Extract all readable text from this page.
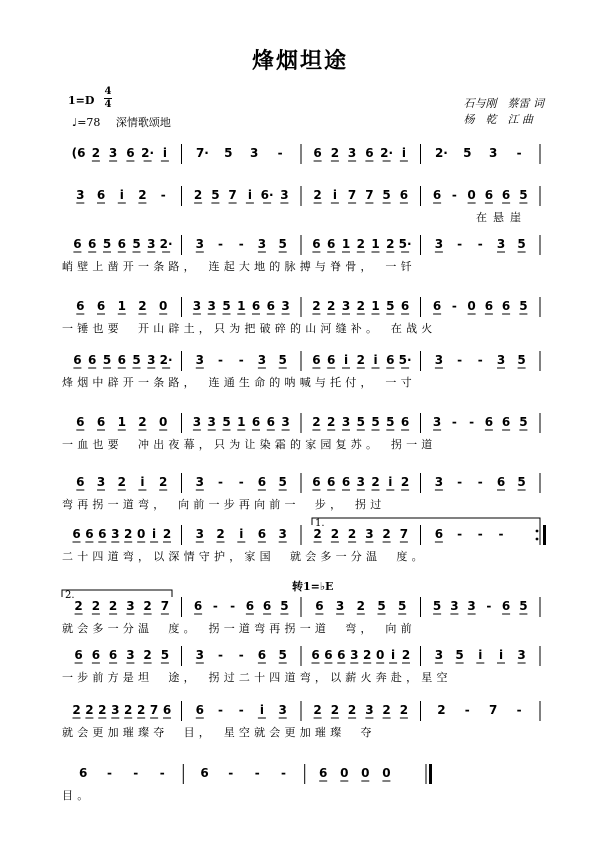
烽烟坦途
1=D
4
4
♩=78 深情歌颂地
石与刚　蔡雷 词
杨　乾　江 曲
(6 2 3 6 2· i 7· 5 3 -	6 2 3 6 2· i 2· 5 3 -
3 6 i 2 - 2 5 7 i 6· 3 2 i 7 7 5 6 6 - 0 6 6 5
在悬崖
6 6 5 6 5 3 2· 3 - - 3 5 6 6 1 2 1 2 5· 3 - - 3 5
峭壁上凿开一条路，　连起大地的脉搏与脊骨，　一钎
6 6 1 2 0 3 3 5 1 6 6 3 2 2 3 2 1 5 6 6 - 0 6 6 5
一锤也要　开山辟土，只为把破碎的山河缝补。　在战火
6 6 5 6 5 3 2· 3 - - 3 5 6 6 i 2 i 6 5· 3 - - 3 5
烽烟中辟开一条路，　连通生命的呐喊与托付，　一寸
6 6 1 2 0 3 3 5 1 6 6 3 2 2 3 5 5 5 6 3 - - 6 6 5
一血也要　冲出夜幕，只为让染霜的家园复苏。　拐一道
6 3 2 i 2 3 - - 6 5 6 6 6 3 2 i 2 3 - - 6 5
弯再拐一道弯，　向前一步再向前一　步，　拐过
6 6 6 3 2 0 i 2 3 2 i 6 3 2 2 2 3 2 7 6 - - -
1.
二十四道弯，以深情守护，家国　就会多一分温　度。
2 2 2 3 2 7 6 - - 6 6 5 6 3 2 5 5 5 3 3 - 6 5
2.
转1=♭E
就会多一分温　度。　拐一道弯再拐一道　弯，　向前
6 6 6 3 2 5 3 - - 6 5 6 6 6 3 2 0 i 2 3 5 i i 3
一步前方是坦　途，　拐过二十四道弯，以薪火奔赴，星空
2 2 2 3 2 2 7 6 6 - - i 3 2 2 2 3 2 2 2 - 7 -
就会更加璀璨夺　目，　星空就会更加璀璨　夺
6 - - -	6 - - -	6 0 0 0
目。
